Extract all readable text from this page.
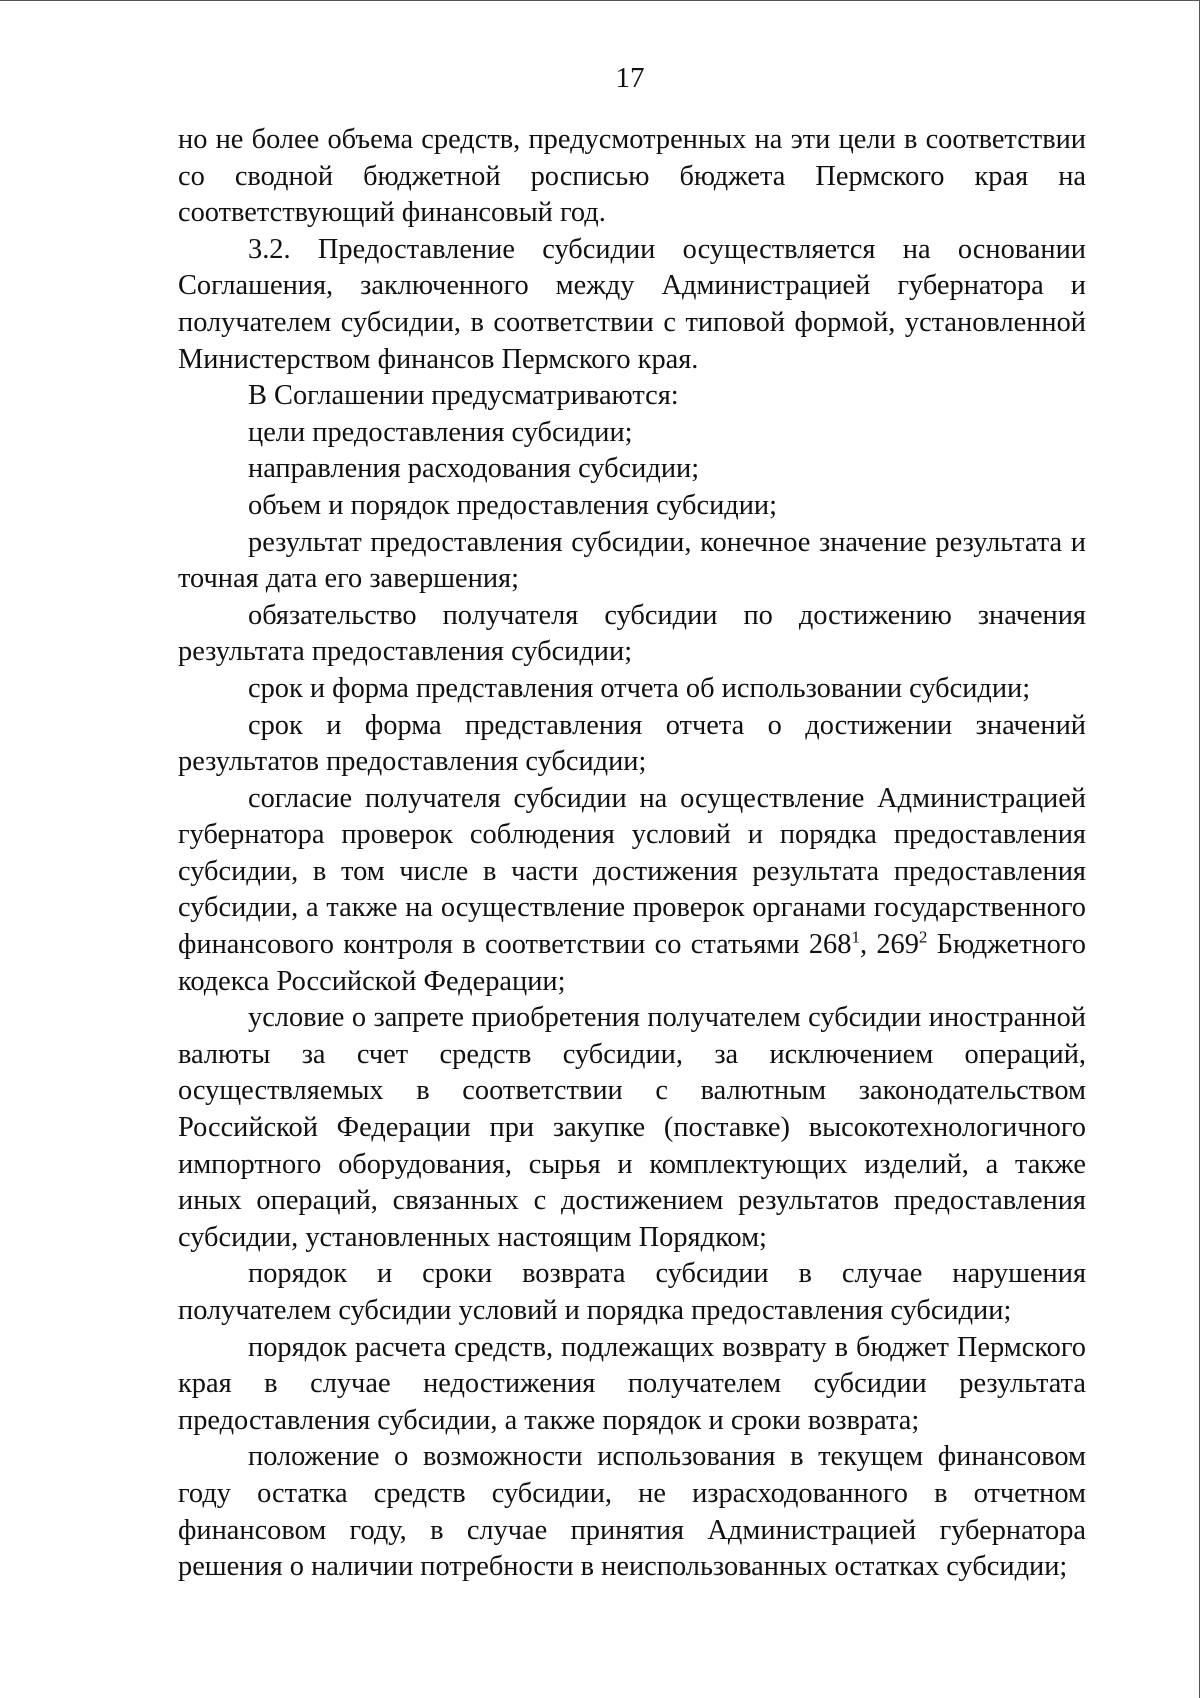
17

но не более объема средств, предусмотренных на эти цели в соответствии со сводной бюджетной росписью бюджета Пермского края на соответствующий финансовый год.

3.2. Предоставление субсидии осуществляется на основании Соглашения, заключенного между Администрацией губернатора и получателем субсидии, в соответствии с типовой формой, установленной Министерством финансов Пермского края.

В Соглашении предусматриваются:

цели предоставления субсидии;

направления расходования субсидии;

объем и порядок предоставления субсидии;

результат предоставления субсидии, конечное значение результата и точная дата его завершения;

обязательство получателя субсидии по достижению значения результата предоставления субсидии;

срок и форма представления отчета об использовании субсидии;

срок и форма представления отчета о достижении значений результатов предоставления субсидии;

согласие получателя субсидии на осуществление Администрацией губернатора проверок соблюдения условий и порядка предоставления субсидии, в том числе в части достижения результата предоставления субсидии, а также на осуществление проверок органами государственного финансового контроля в соответствии со статьями $268^1$, $269^2$ Бюджетного кодекса Российской Федерации;

условие о запрете приобретения получателем субсидии иностранной валюты за счет средств субсидии, за исключением операций, осуществляемых в соответствии с валютным законодательством Российской Федерации при закупке (поставке) высокотехнологичного импортного оборудования, сырья и комплектующих изделий, а также иных операций, связанных с достижением результатов предоставления субсидии, установленных настоящим Порядком;

порядок и сроки возврата субсидии в случае нарушения получателем субсидии условий и порядка предоставления субсидии;

порядок расчета средств, подлежащих возврату в бюджет Пермского края в случае недостижения получателем субсидии результата предоставления субсидии, а также порядок и сроки возврата;

положение о возможности использования в текущем финансовом году остатка средств субсидии, не израсходованного в отчетном финансовом году, в случае принятия Администрацией губернатора решения о наличии потребности в неиспользованных остатках субсидии;
